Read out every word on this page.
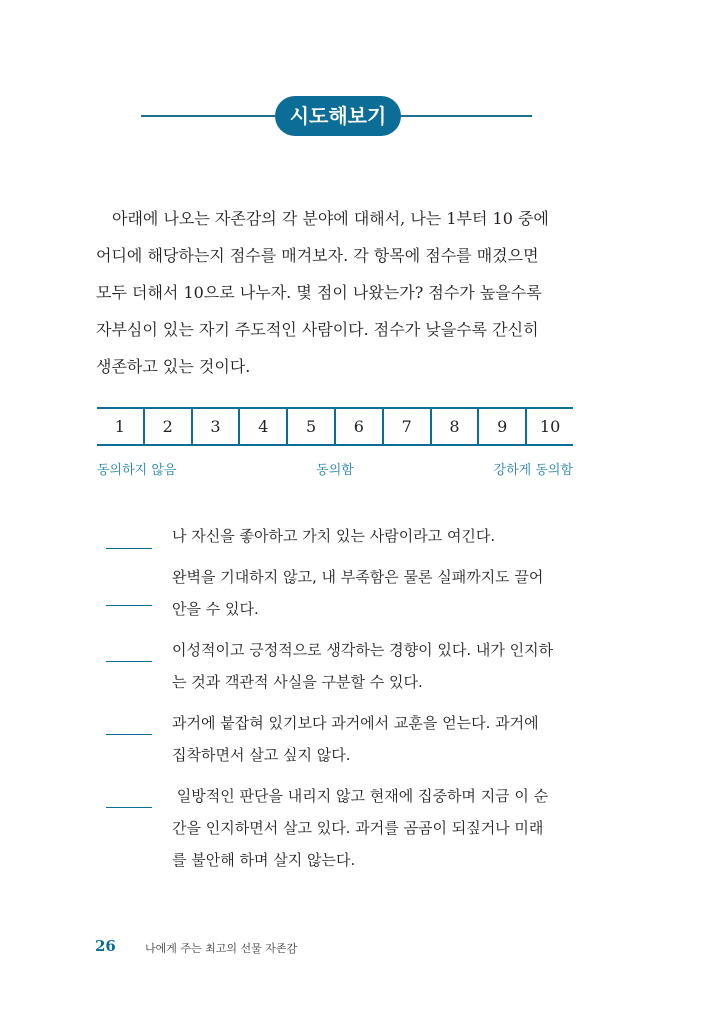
시도해보기
아래에 나오는 자존감의 각 분야에 대해서, 나는 1부터 10 중에
어디에 해당하는지 점수를 매겨보자. 각 항목에 점수를 매겼으면
모두 더해서 10으로 나누자. 몇 점이 나왔는가? 점수가 높을수록
자부심이 있는 자기 주도적인 사람이다. 점수가 낮을수록 간신히
생존하고 있는 것이다.
1	2	3	4	5	6	7	8	9	10
동의하지 않음	동의함	강하게 동의함
나 자신을 좋아하고 가치 있는 사람이라고 여긴다.
완벽을 기대하지 않고, 내 부족함은 물론 실패까지도 끌어
안을 수 있다.
이성적이고 긍정적으로 생각하는 경향이 있다. 내가 인지하
는 것과 객관적 사실을 구분할 수 있다.
과거에 붙잡혀 있기보다 과거에서 교훈을 얻는다. 과거에
집착하면서 살고 싶지 않다.
일방적인 판단을 내리지 않고 현재에 집중하며 지금 이 순
간을 인지하면서 살고 있다. 과거를 곰곰이 되짚거나 미래
를 불안해 하며 살지 않는다.
26	나에게 주는 최고의 선물 자존감
